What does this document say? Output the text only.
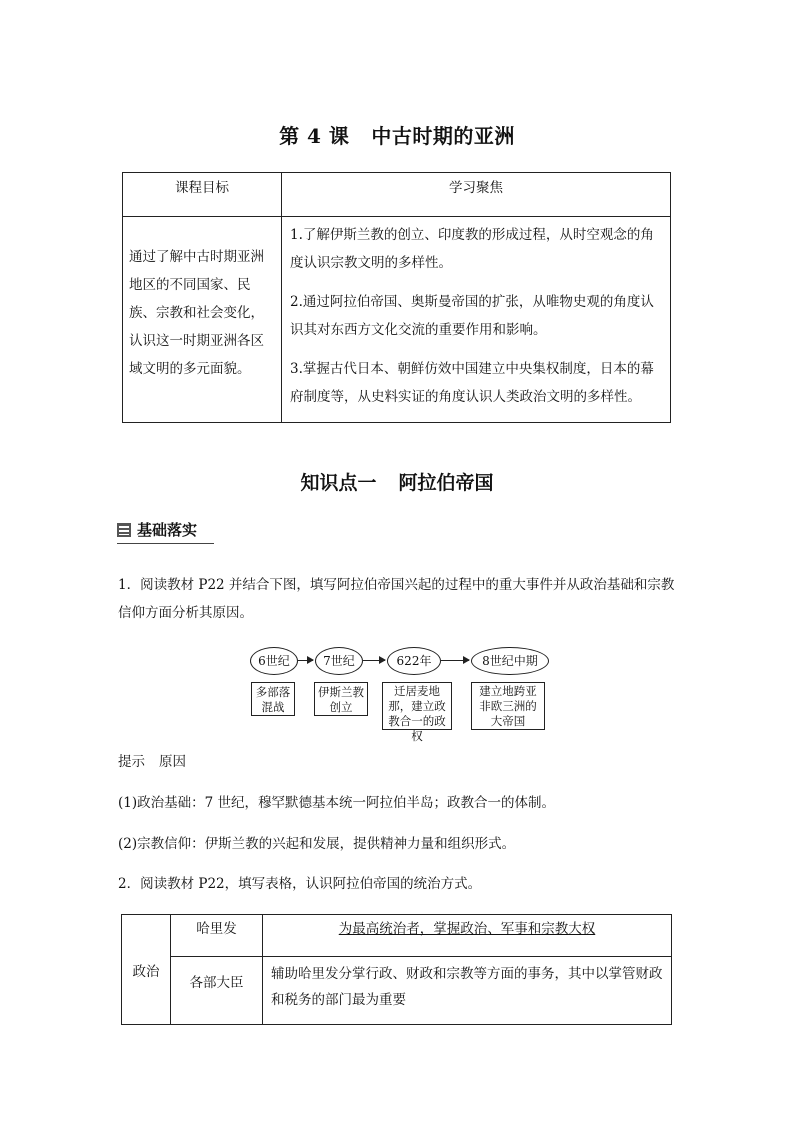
第 4 课 中古时期的亚洲
课程目标	学习聚焦
通过了解中古时期亚洲地区的不同国家、民族、宗教和社会变化，认识这一时期亚洲各区域文明的多元面貌。	1.了解伊斯兰教的创立、印度教的形成过程，从时空观念的角度认识宗教文明的多样性。

2.通过阿拉伯帝国、奥斯曼帝国的扩张，从唯物史观的角度认识其对东西方文化交流的重要作用和影响。

3.掌握古代日本、朝鲜仿效中国建立中央集权制度，日本的幕府制度等，从史料实证的角度认识人类政治文明的多样性。

知识点一 阿拉伯帝国
基础落实
1．阅读教材 P22 并结合下图，填写阿拉伯帝国兴起的过程中的重大事件并从政治基础和宗教信仰方面分析其原因。
6世纪	7世纪	622年	8世纪中期
多部落混战
伊斯兰教创立
迁居麦地那，建立政教合一的政权
建立地跨亚非欧三洲的大帝国
提示 原因
(1)政治基础：7 世纪，穆罕默德基本统一阿拉伯半岛；政教合一的体制。
(2)宗教信仰：伊斯兰教的兴起和发展，提供精神力量和组织形式。
2．阅读教材 P22，填写表格，认识阿拉伯帝国的统治方式。
政治	哈里发	为最高统治者，掌握政治、军事和宗教大权
	各部大臣	辅助哈里发分掌行政、财政和宗教等方面的事务，其中以掌管财政和税务的部门最为重要
